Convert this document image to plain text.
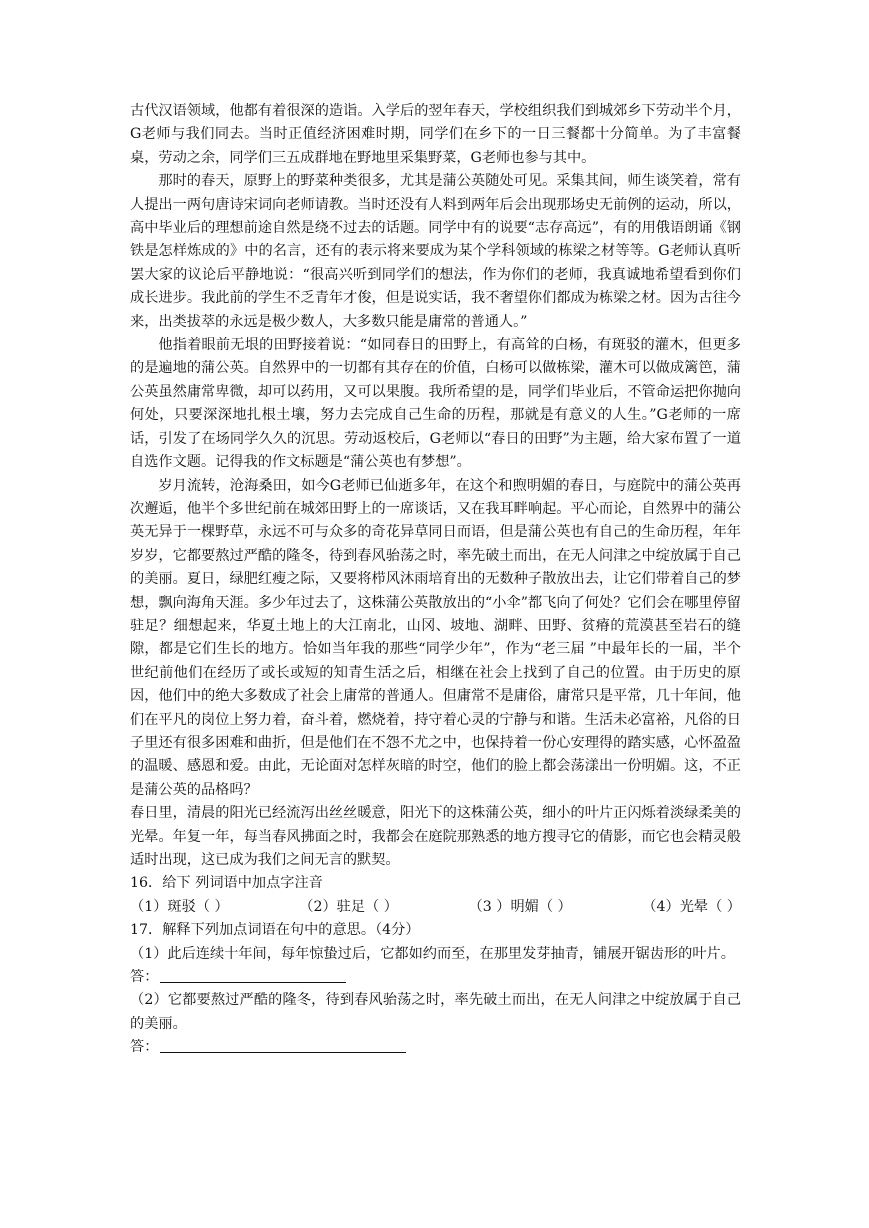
古代汉语领域，他都有着很深的造诣。入学后的翌年春天，学校组织我们到城郊乡下劳动半个月，G老师与我们同去。当时正值经济困难时期，同学们在乡下的一日三餐都十分简单。为了丰富餐桌，劳动之余，同学们三五成群地在野地里采集野菜，G老师也参与其中。

那时的春天，原野上的野菜种类很多，尤其是蒲公英随处可见。采集其间，师生谈笑着，常有人提出一两句唐诗宋词向老师请教。当时还没有人料到两年后会出现那场史无前例的运动，所以，高中毕业后的理想前途自然是绕不过去的话题。同学中有的说要“志存高远”，有的用俄语朗诵《钢铁是怎样炼成的》中的名言，还有的表示将来要成为某个学科领域的栋梁之材等等。G老师认真听罢大家的议论后平静地说：“很高兴听到同学们的想法，作为你们的老师，我真诚地希望看到你们成长进步。我此前的学生不乏青年才俊，但是说实话，我不奢望你们都成为栋梁之材。因为古往今来，出类拔萃的永远是极少数人，大多数只能是庸常的普通人。”

他指着眼前无垠的田野接着说：“如同春日的田野上，有高耸的白杨，有斑驳的灌木，但更多的是遍地的蒲公英。自然界中的一切都有其存在的价值，白杨可以做栋梁，灌木可以做成篱笆，蒲公英虽然庸常卑微，却可以药用，又可以果腹。我所希望的是，同学们毕业后，不管命运把你抛向何处，只要深深地扎根土壤，努力去完成自己生命的历程，那就是有意义的人生。”G老师的一席话，引发了在场同学久久的沉思。劳动返校后，G老师以“春日的田野”为主题，给大家布置了一道自选作文题。记得我的作文标题是“蒲公英也有梦想”。

岁月流转，沧海桑田，如今G老师已仙逝多年，在这个和煦明媚的春日，与庭院中的蒲公英再次邂逅，他半个多世纪前在城郊田野上的一席谈话，又在我耳畔响起。平心而论，自然界中的蒲公英无异于一棵野草，永远不可与众多的奇花异草同日而语，但是蒲公英也有自己的生命历程，年年岁岁，它都要熬过严酷的隆冬，待到春风骀荡之时，率先破土而出，在无人问津之中绽放属于自己的美丽。夏日，绿肥红瘦之际，又要将栉风沐雨培育出的无数种子散放出去，让它们带着自己的梦想，飘向海角天涯。多少年过去了，这株蒲公英散放出的“小伞”都飞向了何处？它们会在哪里停留驻足？细想起来，华夏土地上的大江南北，山冈、坡地、湖畔、田野、贫瘠的荒漠甚至岩石的缝隙，都是它们生长的地方。恰如当年我的那些“同学少年”，作为“老三届 ”中最年长的一届，半个世纪前他们在经历了或长或短的知青生活之后，相继在社会上找到了自己的位置。由于历史的原因，他们中的绝大多数成了社会上庸常的普通人。但庸常不是庸俗，庸常只是平常，几十年间，他们在平凡的岗位上努力着，奋斗着，燃烧着，持守着心灵的宁静与和谐。生活未必富裕，凡俗的日子里还有很多困难和曲折，但是他们在不怨不尤之中，也保持着一份心安理得的踏实感，心怀盈盈的温暖、感恩和爱。由此，无论面对怎样灰暗的时空，他们的脸上都会荡漾出一份明媚。这，不正是蒲公英的品格吗？

春日里，清晨的阳光已经流泻出丝丝暖意，阳光下的这株蒲公英，细小的叶片正闪烁着淡绿柔美的光晕。年复一年，每当春风拂面之时，我都会在庭院那熟悉的地方搜寻它的倩影，而它也会精灵般适时出现，这已成为我们之间无言的默契。

16．给下 列词语中加点字注音

（1）斑驳（ ）	（2）驻足（ ）	（3 ）明媚（ ）	（4）光晕（ ）

17．解释下列加点词语在句中的意思。（4分）

（1）此后连续十年间，每年惊蛰过后，它都如约而至，在那里发芽抽青，铺展开锯齿形的叶片。

答：

（2）它都要熬过严酷的隆冬，待到春风骀荡之时，率先破土而出，在无人问津之中绽放属于自己的美丽。

答：
